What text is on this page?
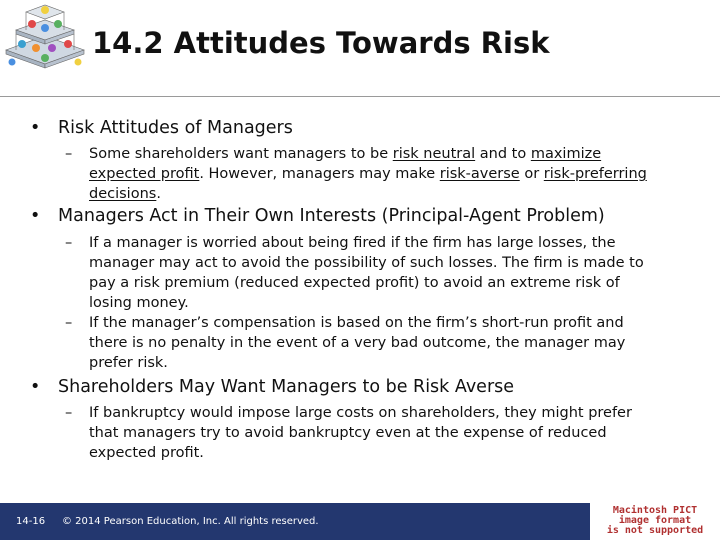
14.2 Attitudes Towards Risk
• Risk Attitudes of Managers
– Some shareholders want managers to be risk neutral and to maximize expected profit. However, managers may make risk-averse or risk-preferring decisions.
• Managers Act in Their Own Interests (Principal-Agent Problem)
– If a manager is worried about being fired if the firm has large losses, the manager may act to avoid the possibility of such losses. The firm is made to pay a risk premium (reduced expected profit) to avoid an extreme risk of losing money.
– If the manager’s compensation is based on the firm’s short-run profit and there is no penalty in the event of a very bad outcome, the manager may prefer risk.
• Shareholders May Want Managers to be Risk Averse
– If bankruptcy would impose large costs on shareholders, they might prefer that managers try to avoid bankruptcy even at the expense of reduced expected profit.
14-16 © 2014 Pearson Education, Inc. All rights reserved.
Macintosh PICT
image format
is not supported
